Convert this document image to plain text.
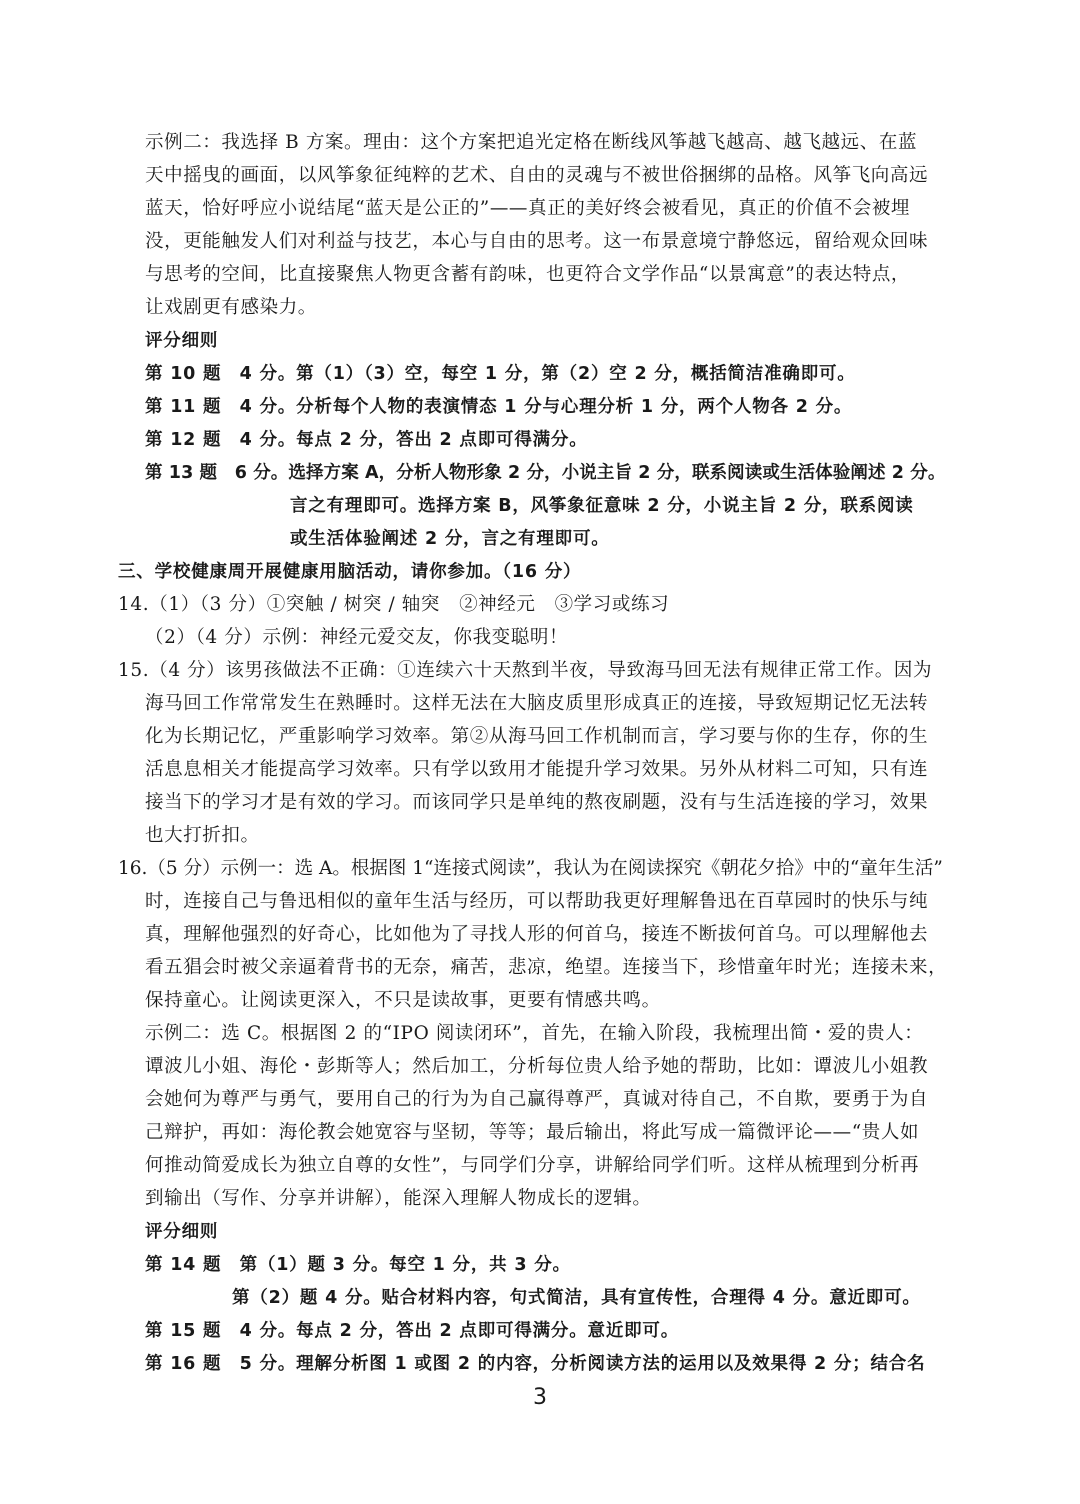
示例二：我选择 B 方案。理由：这个方案把追光定格在断线风筝越飞越高、越飞越远、在蓝
天中摇曳的画面，以风筝象征纯粹的艺术、自由的灵魂与不被世俗捆绑的品格。风筝飞向高远
蓝天，恰好呼应小说结尾“蓝天是公正的”——真正的美好终会被看见，真正的价值不会被埋
没，更能触发人们对利益与技艺，本心与自由的思考。这一布景意境宁静悠远，留给观众回味
与思考的空间，比直接聚焦人物更含蓄有韵味，也更符合文学作品“以景寓意”的表达特点，
让戏剧更有感染力。
评分细则
第 10 题　4 分。第（1）（3）空，每空 1 分，第（2）空 2 分，概括简洁准确即可。
第 11 题　4 分。分析每个人物的表演情态 1 分与心理分析 1 分，两个人物各 2 分。
第 12 题　4 分。每点 2 分，答出 2 点即可得满分。
第 13 题　6 分。选择方案 A，分析人物形象 2 分，小说主旨 2 分，联系阅读或生活体验阐述 2 分。
言之有理即可。选择方案 B，风筝象征意味 2 分，小说主旨 2 分，联系阅读
或生活体验阐述 2 分，言之有理即可。
三、学校健康周开展健康用脑活动，请你参加。（16 分）
14.（1）（3 分）①突触 / 树突 / 轴突　②神经元　③学习或练习
（2）（4 分）示例：神经元爱交友，你我变聪明！
15.（4 分）该男孩做法不正确：①连续六十天熬到半夜，导致海马回无法有规律正常工作。因为
海马回工作常常发生在熟睡时。这样无法在大脑皮质里形成真正的连接，导致短期记忆无法转
化为长期记忆，严重影响学习效率。第②从海马回工作机制而言，学习要与你的生存，你的生
活息息相关才能提高学习效率。只有学以致用才能提升学习效果。另外从材料二可知，只有连
接当下的学习才是有效的学习。而该同学只是单纯的熬夜刷题，没有与生活连接的学习，效果
也大打折扣。
16.（5 分）示例一：选 A。根据图 1“连接式阅读”，我认为在阅读探究《朝花夕拾》中的“童年生活”
时，连接自己与鲁迅相似的童年生活与经历，可以帮助我更好理解鲁迅在百草园时的快乐与纯
真，理解他强烈的好奇心，比如他为了寻找人形的何首乌，接连不断拔何首乌。可以理解他去
看五猖会时被父亲逼着背书的无奈，痛苦，悲凉，绝望。连接当下，珍惜童年时光；连接未来，
保持童心。让阅读更深入，不只是读故事，更要有情感共鸣。
示例二：选 C。根据图 2 的“IPO 阅读闭环”，首先，在输入阶段，我梳理出简・爱的贵人：
谭波儿小姐、海伦・彭斯等人；然后加工，分析每位贵人给予她的帮助，比如：谭波儿小姐教
会她何为尊严与勇气，要用自己的行为为自己赢得尊严，真诚对待自己，不自欺，要勇于为自
己辩护，再如：海伦教会她宽容与坚韧，等等；最后输出，将此写成一篇微评论——“贵人如
何推动简爱成长为独立自尊的女性”，与同学们分享，讲解给同学们听。这样从梳理到分析再
到输出（写作、分享并讲解），能深入理解人物成长的逻辑。
评分细则
第 14 题　第（1）题 3 分。每空 1 分，共 3 分。
第（2）题 4 分。贴合材料内容，句式简洁，具有宣传性，合理得 4 分。意近即可。
第 15 题　4 分。每点 2 分，答出 2 点即可得满分。意近即可。
第 16 题　5 分。理解分析图 1 或图 2 的内容，分析阅读方法的运用以及效果得 2 分；结合名
3
